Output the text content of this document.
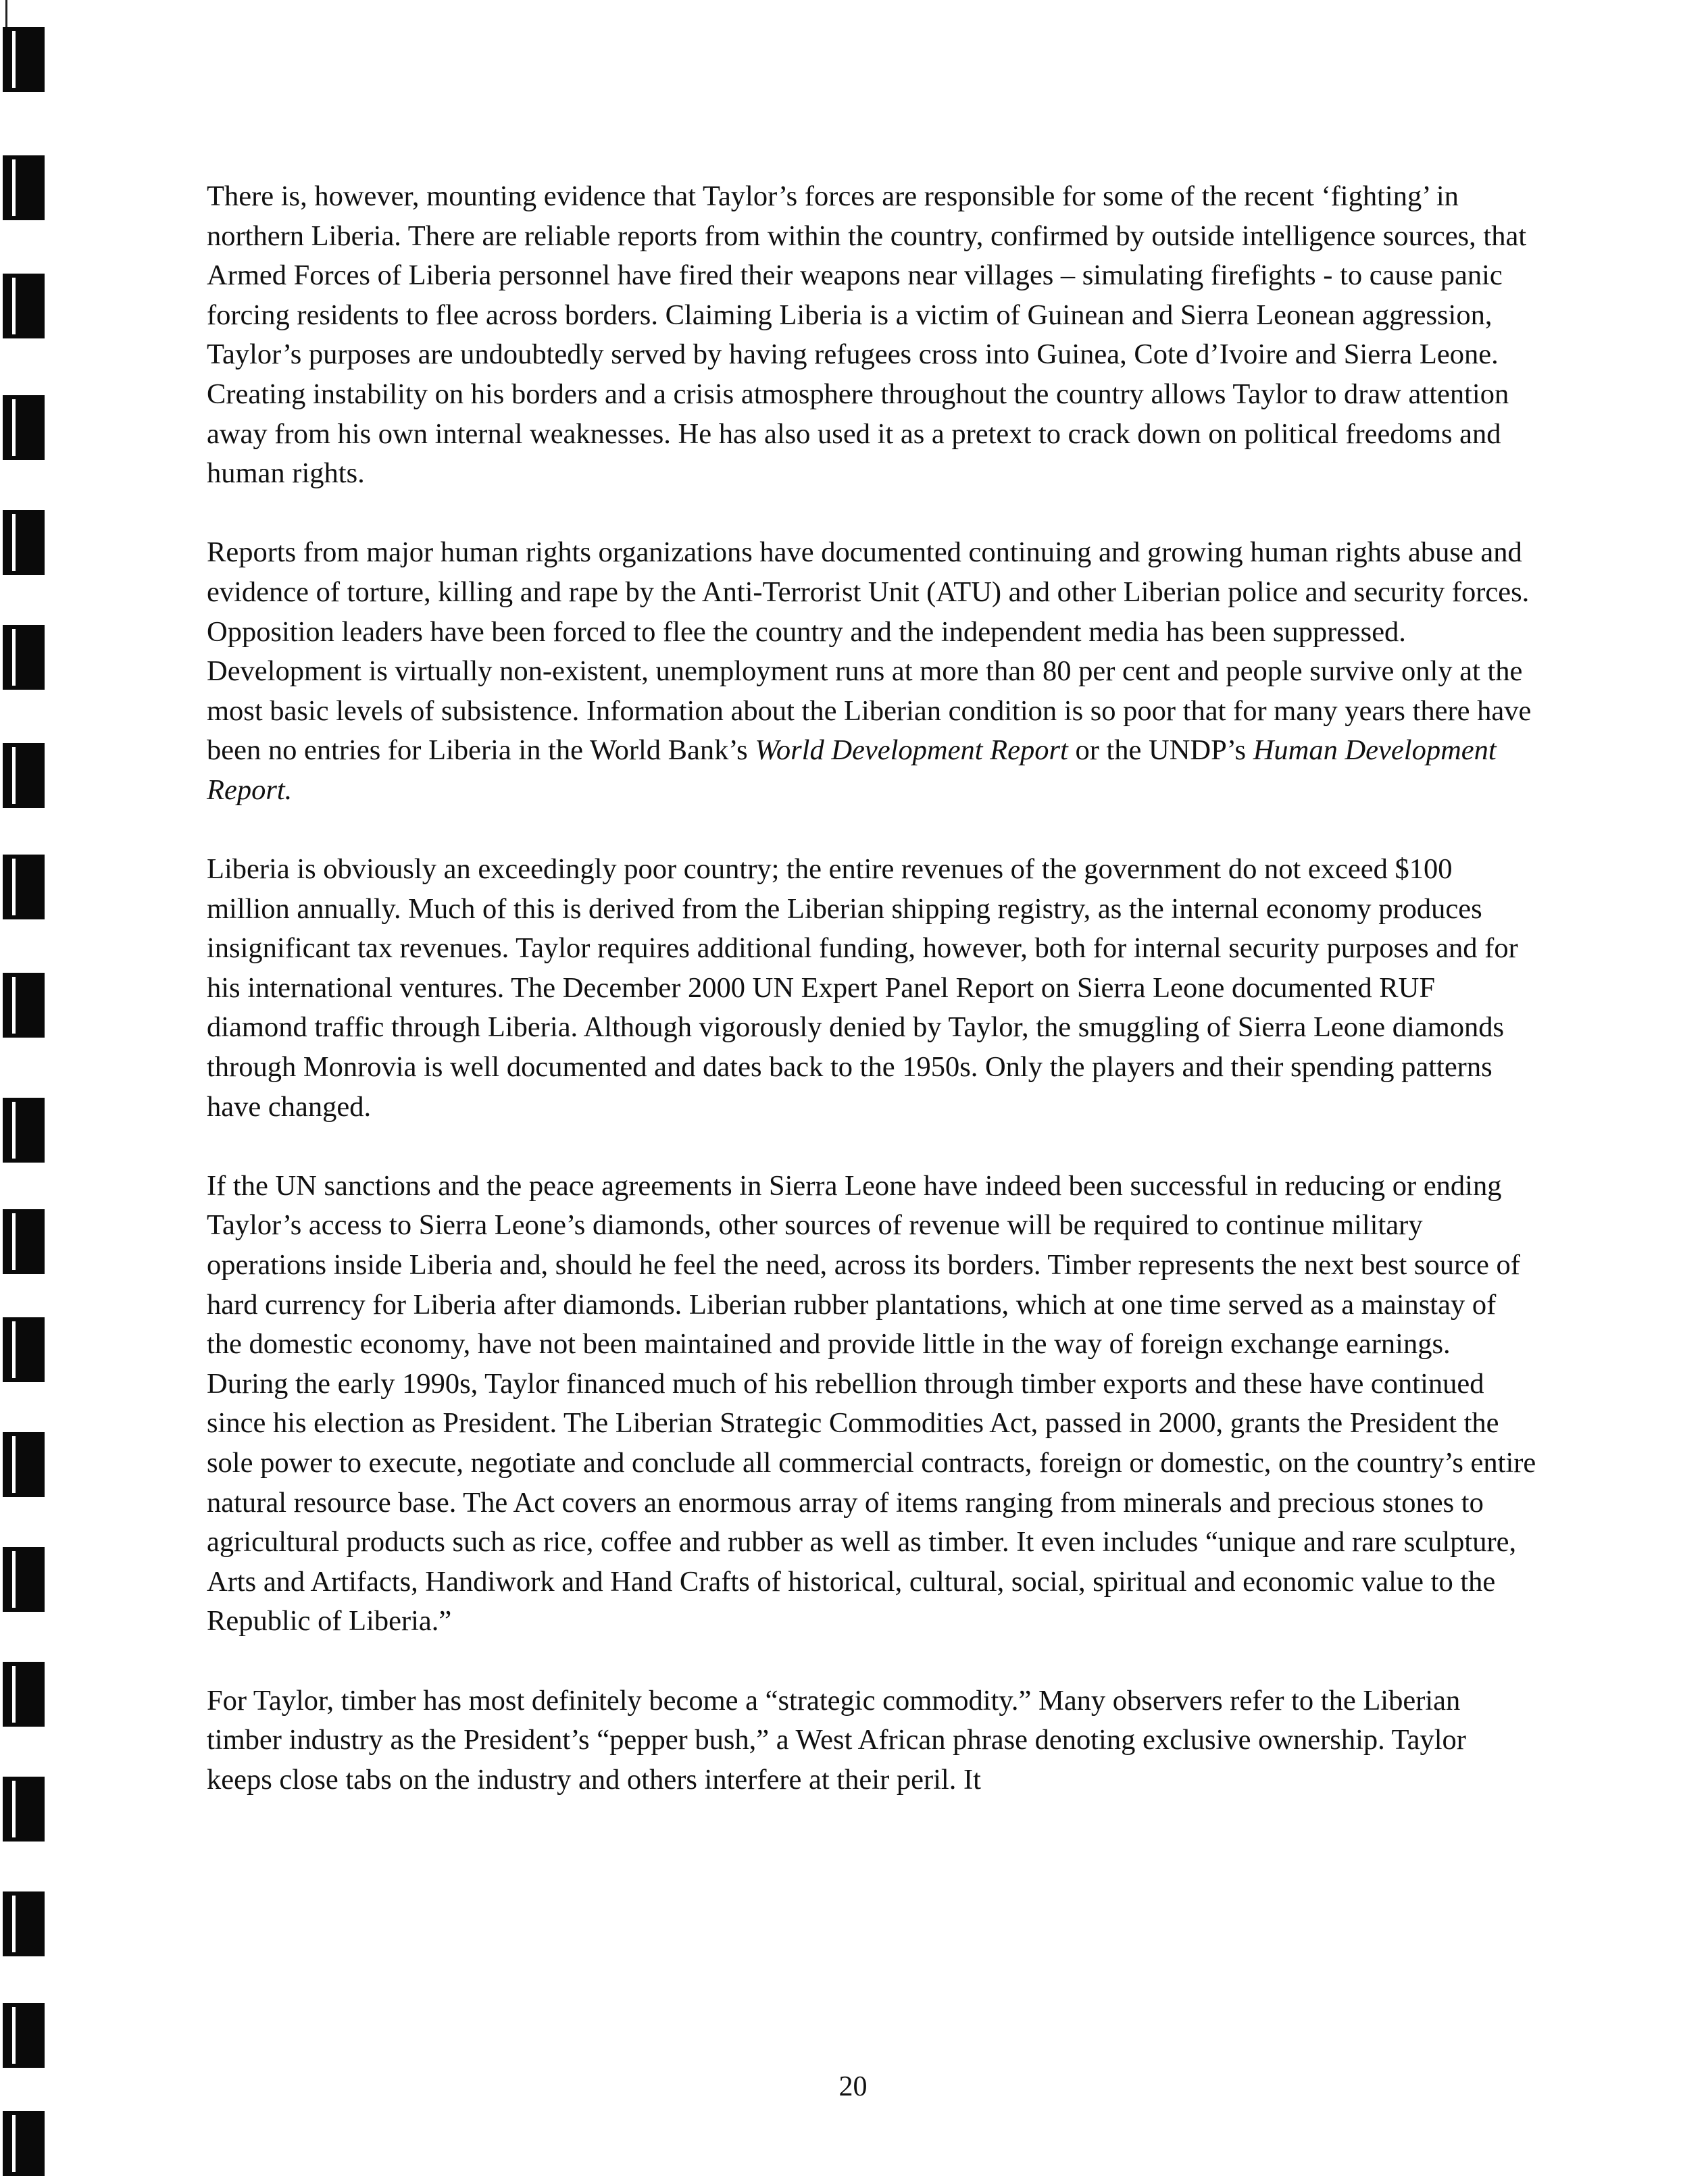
There is, however, mounting evidence that Taylor’s forces are responsible for some of the recent ‘fighting’ in northern Liberia. There are reliable reports from within the country, confirmed by outside intelligence sources, that Armed Forces of Liberia personnel have fired their weapons near villages – simulating firefights - to cause panic forcing residents to flee across borders. Claiming Liberia is a victim of Guinean and Sierra Leonean aggression, Taylor’s purposes are undoubtedly served by having refugees cross into Guinea, Cote d’Ivoire and Sierra Leone. Creating instability on his borders and a crisis atmosphere throughout the country allows Taylor to draw attention away from his own internal weaknesses. He has also used it as a pretext to crack down on political freedoms and human rights.

Reports from major human rights organizations have documented continuing and growing human rights abuse and evidence of torture, killing and rape by the Anti-Terrorist Unit (ATU) and other Liberian police and security forces. Opposition leaders have been forced to flee the country and the independent media has been suppressed. Development is virtually non-existent, unemployment runs at more than 80 per cent and people survive only at the most basic levels of subsistence. Information about the Liberian condition is so poor that for many years there have been no entries for Liberia in the World Bank’s World Development Report or the UNDP’s Human Development Report.

Liberia is obviously an exceedingly poor country; the entire revenues of the government do not exceed $100 million annually. Much of this is derived from the Liberian shipping registry, as the internal economy produces insignificant tax revenues. Taylor requires additional funding, however, both for internal security purposes and for his international ventures. The December 2000 UN Expert Panel Report on Sierra Leone documented RUF diamond traffic through Liberia. Although vigorously denied by Taylor, the smuggling of Sierra Leone diamonds through Monrovia is well documented and dates back to the 1950s. Only the players and their spending patterns have changed.

If the UN sanctions and the peace agreements in Sierra Leone have indeed been successful in reducing or ending Taylor’s access to Sierra Leone’s diamonds, other sources of revenue will be required to continue military operations inside Liberia and, should he feel the need, across its borders. Timber represents the next best source of hard currency for Liberia after diamonds. Liberian rubber plantations, which at one time served as a mainstay of the domestic economy, have not been maintained and provide little in the way of foreign exchange earnings. During the early 1990s, Taylor financed much of his rebellion through timber exports and these have continued since his election as President. The Liberian Strategic Commodities Act, passed in 2000, grants the President the sole power to execute, negotiate and conclude all commercial contracts, foreign or domestic, on the country’s entire natural resource base. The Act covers an enormous array of items ranging from minerals and precious stones to agricultural products such as rice, coffee and rubber as well as timber. It even includes “unique and rare sculpture, Arts and Artifacts, Handiwork and Hand Crafts of historical, cultural, social, spiritual and economic value to the Republic of Liberia.”

For Taylor, timber has most definitely become a “strategic commodity.” Many observers refer to the Liberian timber industry as the President’s “pepper bush,” a West African phrase denoting exclusive ownership. Taylor keeps close tabs on the industry and others interfere at their peril. It

20
